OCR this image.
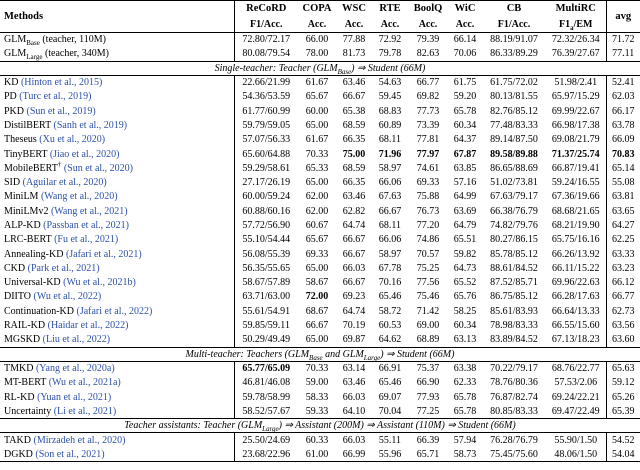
Methods	ReCoRD	COPA	WSC	RTE	BoolQ	WiC	CB	MultiRC	avg
	F1/Acc.	Acc.	Acc.	Acc.	Acc.	Acc.	F1/Acc.	$F1_a/EM$	
$GLM_{Base}$ (teacher, 110M)	72.80/72.17	66.00	77.88	72.92	79.39	66.14	88.19/91.07	72.32/26.34	71.72
$GLM_{Large}$ (teacher, 340M)	80.08/79.54	78.00	81.73	79.78	82.63	70.06	86.33/89.29	76.39/27.67	77.11
Single-teacher: Teacher $(GLM_{Base})$ ⇒ Student (66M)									
KD (Hinton et al., 2015)	22.66/21.99	61.67	63.46	54.63	66.77	61.75	61.75/72.02	51.98/2.41	52.41
PD (Turc et al., 2019)	54.36/53.59	65.67	66.67	59.45	69.82	59.20	80.13/81.55	65.97/15.29	62.03
PKD (Sun et al., 2019)	61.77/60.99	60.00	65.38	68.83	77.73	65.78	82.76/85.12	69.99/22.67	66.17
DistilBERT (Sanh et al., 2019)	59.79/59.05	65.00	68.59	60.89	73.39	60.34	77.48/83.33	66.98/17.38	63.78
Theseus (Xu et al., 2020)	57.07/56.33	61.67	66.35	68.11	77.81	64.37	89.14/87.50	69.08/21.79	66.09
TinyBERT (Jiao et al., 2020)	65.60/64.88	70.33	75.00	71.96	77.97	67.87	89.58/89.88	71.37/25.74	70.83
MobileBERT† (Sun et al., 2020)	59.29/58.61	65.33	68.59	58.97	74.61	63.85	86.65/88.69	66.87/19.41	65.14
SID (Aguilar et al., 2020)	27.17/26.19	65.00	66.35	66.06	69.33	57.16	51.02/73.81	59.24/16.55	55.08
MiniLM (Wang et al., 2020)	60.00/59.24	62.00	63.46	67.63	75.88	64.99	67.63/79.17	67.36/19.66	63.81
MiniLMv2 (Wang et al., 2021)	60.88/60.16	62.00	62.82	66.67	76.73	63.69	66.38/76.79	68.68/21.65	63.65
ALP-KD (Passban et al., 2021)	57.72/56.90	60.67	64.74	68.11	77.20	64.79	74.82/79.76	68.21/19.90	64.27
LRC-BERT (Fu et al., 2021)	55.10/54.44	65.67	66.67	66.06	74.86	65.51	80.27/86.15	65.75/16.16	62.25
Annealing-KD (Jafari et al., 2021)	56.08/55.39	69.33	66.67	58.97	70.57	59.82	85.78/85.12	66.26/13.92	63.33
CKD (Park et al., 2021)	56.35/55.65	65.00	66.03	67.78	75.25	64.73	88.61/84.52	66.11/15.22	63.23
Universal-KD (Wu et al., 2021b)	58.67/57.89	58.67	66.67	70.16	77.56	65.52	87.52/85.71	69.96/22.63	66.12
DIITO (Wu et al., 2022)	63.71/63.00	72.00	69.23	65.46	75.46	65.76	86.75/85.12	66.28/17.63	66.77
Continuation-KD (Jafari et al., 2022)	55.61/54.91	68.67	64.74	58.72	71.42	58.25	85.61/83.93	66.64/13.33	62.73
RAIL-KD (Haidar et al., 2022)	59.85/59.11	66.67	70.19	60.53	69.00	60.34	78.98/83.33	66.55/15.60	63.56
MGSKD (Liu et al., 2022)	50.29/49.49	65.00	69.87	64.62	68.89	63.13	83.89/84.52	67.13/18.23	63.60
Multi-teacher: Teachers ($GLM_{Base}$ and $GLM_{Large}$) ⇒ Student (66M)									
TMKD (Yang et al., 2020a)	65.77/65.09	70.33	63.14	66.91	75.37	63.38	70.22/79.17	68.76/22.77	65.63
MT-BERT (Wu et al., 2021a)	46.81/46.08	59.00	63.46	65.46	66.90	62.33	78.76/80.36	57.53/2.06	59.12
RL-KD (Yuan et al., 2021)	59.78/58.99	58.33	66.03	69.07	77.93	65.78	76.87/82.74	69.24/22.21	65.26
Uncertainty (Li et al., 2021)	58.52/57.67	59.33	64.10	70.04	77.25	65.78	80.85/83.33	69.47/22.49	65.39
Teacher assistants: Teacher $(GLM_{Large})$ ⇒ Assistant (200M) ⇒ Assistant (110M) ⇒ Student (66M)									
TAKD (Mirzadeh et al., 2020)	25.50/24.69	60.33	66.03	55.11	66.39	57.94	76.28/76.79	55.90/1.50	54.52
DGKD (Son et al., 2021)	23.68/22.96	61.00	66.99	55.96	65.71	58.73	75.45/75.60	48.06/1.50	54.04
